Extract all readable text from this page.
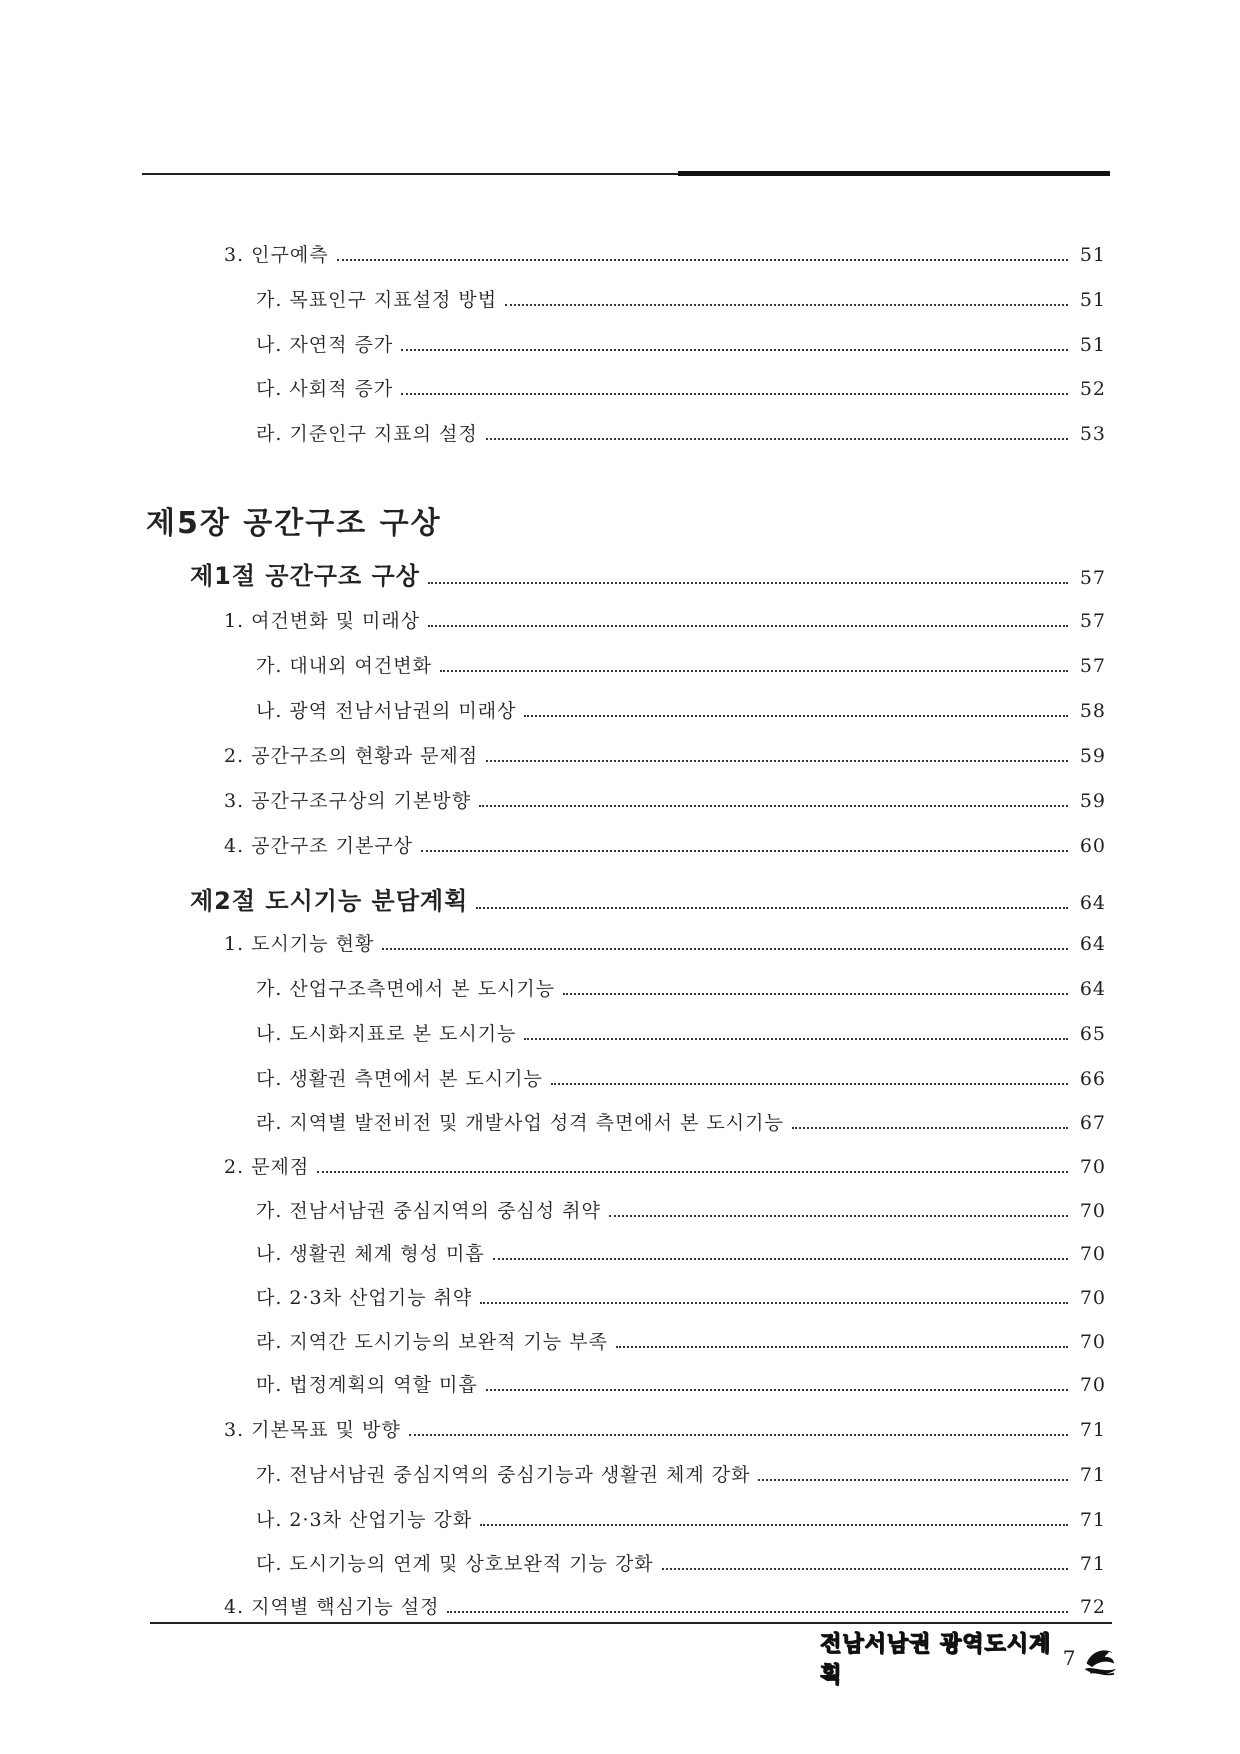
3. 인구예측	51
가. 목표인구 지표설정 방법	51
나. 자연적 증가	51
다. 사회적 증가	52
라. 기준인구 지표의 설정	53
제5장 공간구조 구상
제1절 공간구조 구상	57
1. 여건변화 및 미래상	57
가. 대내외 여건변화	57
나. 광역 전남서남권의 미래상	58
2. 공간구조의 현황과 문제점	59
3. 공간구조구상의 기본방향	59
4. 공간구조 기본구상	60
제2절 도시기능 분담계획	64
1. 도시기능 현황	64
가. 산업구조측면에서 본 도시기능	64
나. 도시화지표로 본 도시기능	65
다. 생활권 측면에서 본 도시기능	66
라. 지역별 발전비전 및 개발사업 성격 측면에서 본 도시기능	67
2. 문제점	70
가. 전남서남권 중심지역의 중심성 취약	70
나. 생활권 체계 형성 미흡	70
다. 2·3차 산업기능 취약	70
라. 지역간 도시기능의 보완적 기능 부족	70
마. 법정계획의 역할 미흡	70
3. 기본목표 및 방향	71
가. 전남서남권 중심지역의 중심기능과 생활권 체계 강화	71
나. 2·3차 산업기능 강화	71
다. 도시기능의 연계 및 상호보완적 기능 강화	71
4. 지역별 핵심기능 설정	72
전남서남권 광역도시계획
7
